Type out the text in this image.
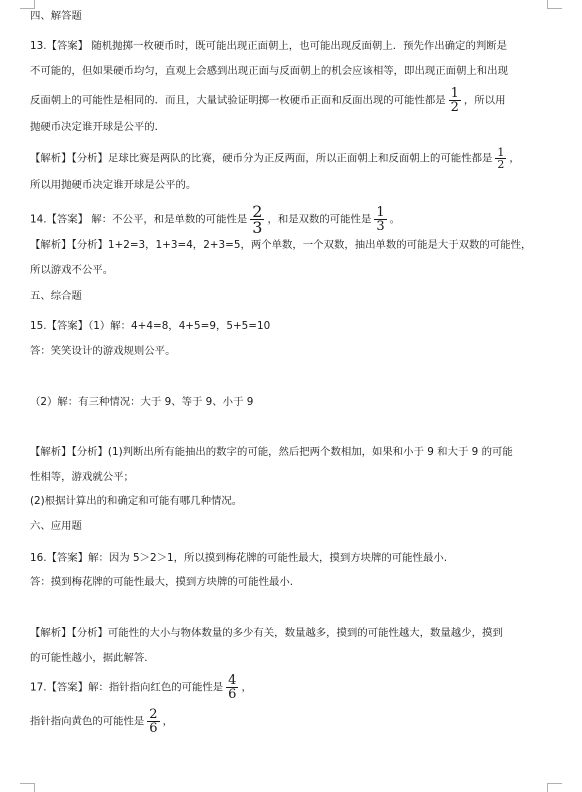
四、解答题
13.【答案】 随机抛掷一枚硬币时，既可能出现正面朝上，也可能出现反面朝上．预先作出确定的判断是
不可能的，但如果硬币均匀，直观上会感到出现正面与反面朝上的机会应该相等，即出现正面朝上和出现
反面朝上的可能性是相同的．而且，大量试验证明掷一枚硬币正面和反面出现的可能性都是 $\frac{1}{2}$ ，所以用
抛硬币决定谁开球是公平的．
【解析】【分析】足球比赛是两队的比赛，硬币分为正反两面，所以正面朝上和反面朝上的可能性都是 $\frac{1}{2}$ ，
所以用抛硬币决定谁开球是公平的。
14.【答案】 解：不公平，和是单数的可能性是 $\frac{2}{3}$ ，和是双数的可能性是 $\frac{1}{3}$ 。
【解析】【分析】1+2=3，1+3=4，2+3=5，两个单数，一个双数，抽出单数的可能是大于双数的可能性，
所以游戏不公平。
五、综合题
15.【答案】（1）解：4+4=8，4+5=9，5+5=10
答：笑笑设计的游戏规则公平。
（2）解：有三种情况：大于 9、等于 9、小于 9
【解析】【分析】(1)判断出所有能抽出的数字的可能，然后把两个数相加，如果和小于 9 和大于 9 的可能
性相等，游戏就公平；
(2)根据计算出的和确定和可能有哪几种情况。
六、应用题
16.【答案】解：因为 5＞2＞1，所以摸到梅花牌的可能性最大，摸到方块牌的可能性最小.
答：摸到梅花牌的可能性最大，摸到方块牌的可能性最小.
【解析】【分析】可能性的大小与物体数量的多少有关，数量越多，摸到的可能性越大，数量越少，摸到
的可能性越小，据此解答.
17.【答案】解：指针指向红色的可能性是 $\frac{4}{6}$ ，
指针指向黄色的可能性是 $\frac{2}{6}$ ，
